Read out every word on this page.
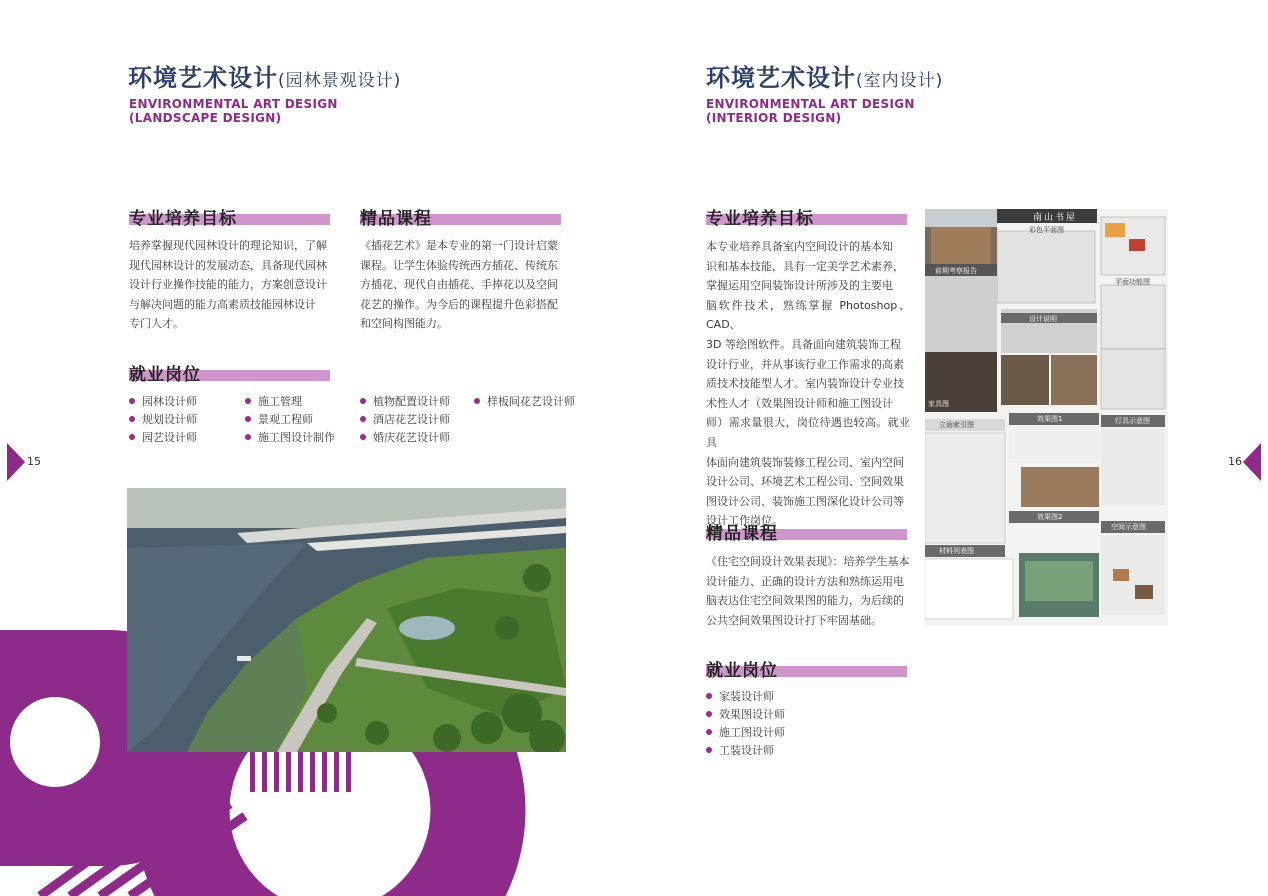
环境艺术设计(园林景观设计)
ENVIRONMENTAL ART DESIGN
(LANDSCAPE DESIGN)
专业培养目标
培养掌握现代园林设计的理论知识，了解
现代园林设计的发展动态，具备现代园林
设计行业操作技能的能力，方案创意设计
与解决问题的能力高素质技能园林设计
专门人才。
精品课程
《插花艺术》是本专业的第一门设计启蒙
课程。让学生体验传统西方插花、传统东
方插花、现代自由插花、手捧花以及空间
花艺的操作。为今后的课程提升色彩搭配
和空间构图能力。
就业岗位
园林设计师
规划设计师
园艺设计师
施工管理
景观工程师
施工图设计制作
植物配置设计师
酒店花艺设计师
婚庆花艺设计师
样板间花艺设计师
15
环境艺术设计(室内设计)
ENVIRONMENTAL ART DESIGN
(INTERIOR DESIGN)
专业培养目标
本专业培养具备室内空间设计的基本知
识和基本技能，具有一定美学艺术素养，
掌握运用空间装饰设计所涉及的主要电
脑软件技术，熟练掌握 Photoshop、CAD、
3D 等绘图软件。具备面向建筑装饰工程
设计行业，并从事该行业工作需求的高素
质技术技能型人才。室内装饰设计专业技
术性人才（效果图设计师和施工图设计
师）需求量很大，岗位待遇也较高。就业具
体面向建筑装饰装修工程公司、室内空间
设计公司、环境艺术工程公司、空间效果
图设计公司、装饰施工图深化设计公司等
设计工作岗位。
精品课程
《住宅空间设计效果表现》：培养学生基本
设计能力、正确的设计方法和熟练运用电
脑表达住宅空间效果图的能力，为后续的
公共空间效果图设计打下牢固基础。
就业岗位
家装设计师
效果图设计师
施工图设计师
工装设计师
16
南山书屋
彩色平面图
前期考察报告
设计说明
效果图1	灯具示意图
立面索引图
效果图2
材料列表图
空间示意图
家具图
平面功能图
